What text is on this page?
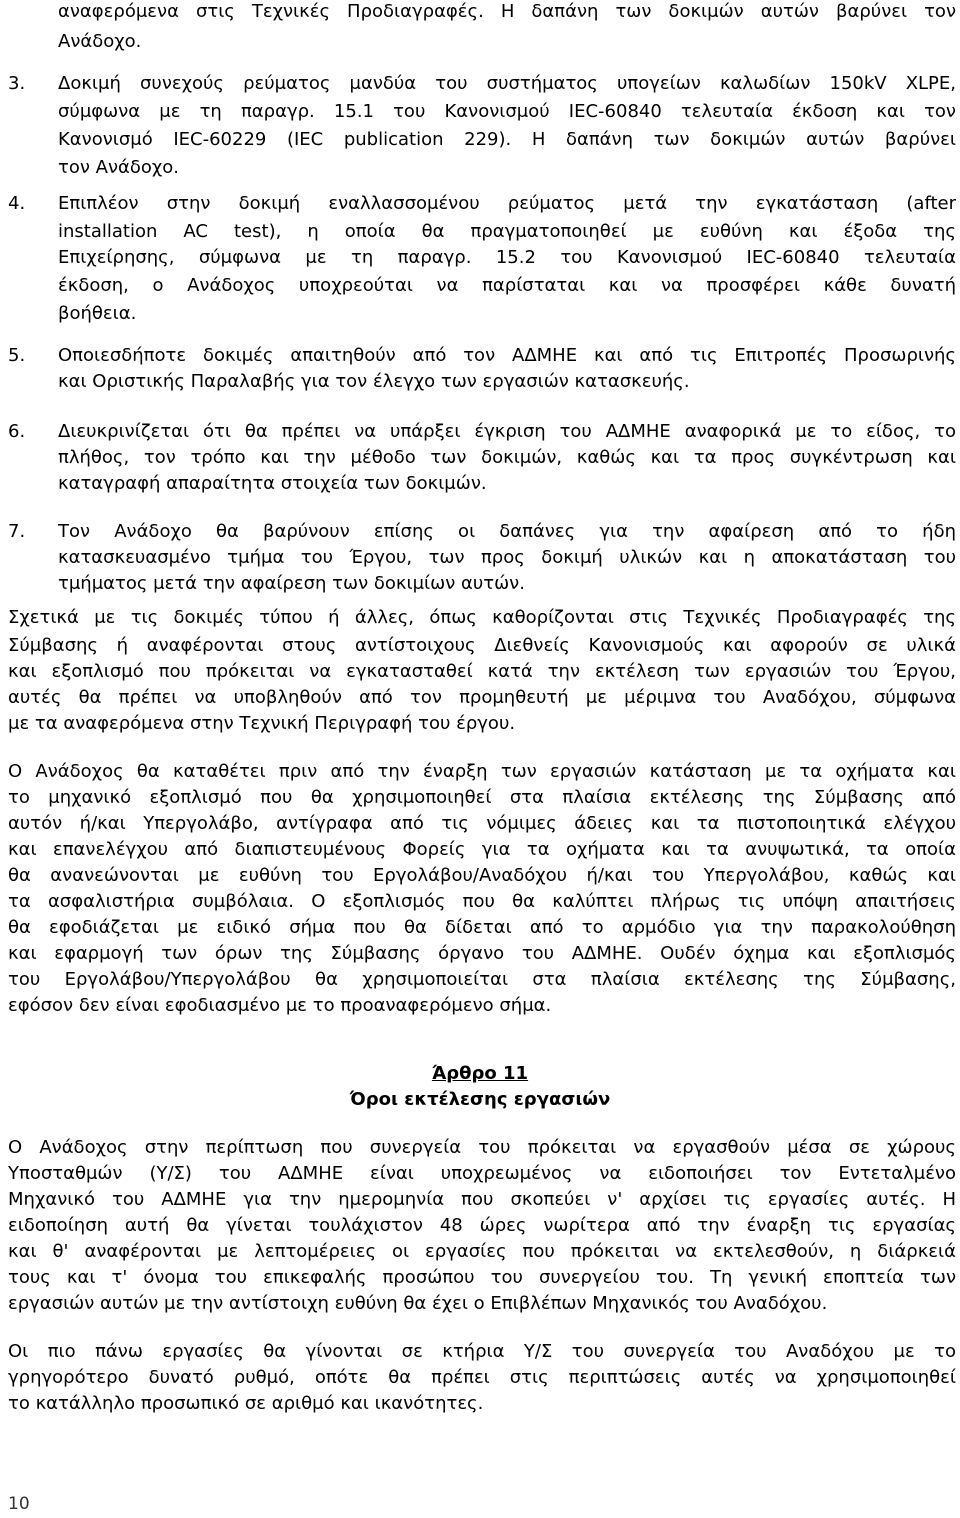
αναφερόμενα στις Τεχνικές Προδιαγραφές. Η δαπάνη των δοκιμών αυτών βαρύνει τον
Ανάδοχο.
3. Δοκιμή συνεχούς ρεύματος μανδύα του συστήματος υπογείων καλωδίων 150kV XLPE,
σύμφωνα με τη παραγρ. 15.1 του Κανονισμού IEC-60840 τελευταία έκδοση και τον
Κανονισμό IEC-60229 (IEC publication 229). Η δαπάνη των δοκιμών αυτών βαρύνει
τον Ανάδοχο.
4. Επιπλέον στην δοκιμή εναλλασσομένου ρεύματος μετά την εγκατάσταση (after
installation AC test), η οποία θα πραγματοποιηθεί με ευθύνη και έξοδα της
Επιχείρησης, σύμφωνα με τη παραγρ. 15.2 του Κανονισμού IEC-60840 τελευταία
έκδοση, ο Ανάδοχος υποχρεούται να παρίσταται και να προσφέρει κάθε δυνατή
βοήθεια.
5. Οποιεσδήποτε δοκιμές απαιτηθούν από τον ΑΔΜΗΕ και από τις Επιτροπές Προσωρινής
και Οριστικής Παραλαβής για τον έλεγχο των εργασιών κατασκευής.
6. Διευκρινίζεται ότι θα πρέπει να υπάρξει έγκριση του ΑΔΜΗΕ αναφορικά με το είδος, το
πλήθος, τον τρόπο και την μέθοδο των δοκιμών, καθώς και τα προς συγκέντρωση και
καταγραφή απαραίτητα στοιχεία των δοκιμών.
7. Τον Ανάδοχο θα βαρύνουν επίσης οι δαπάνες για την αφαίρεση από το ήδη
κατασκευασμένο τμήμα του Έργου, των προς δοκιμή υλικών και η αποκατάσταση του
τμήματος μετά την αφαίρεση των δοκιμίων αυτών.
Σχετικά με τις δοκιμές τύπου ή άλλες, όπως καθορίζονται στις Τεχνικές Προδιαγραφές της
Σύμβασης ή αναφέρονται στους αντίστοιχους Διεθνείς Κανονισμούς και αφορούν σε υλικά
και εξοπλισμό που πρόκειται να εγκατασταθεί κατά την εκτέλεση των εργασιών του Έργου,
αυτές θα πρέπει να υποβληθούν από τον προμηθευτή με μέριμνα του Αναδόχου, σύμφωνα
με τα αναφερόμενα στην Τεχνική Περιγραφή του έργου.
Ο Ανάδοχος θα καταθέτει πριν από την έναρξη των εργασιών κατάσταση με τα οχήματα και
το μηχανικό εξοπλισμό που θα χρησιμοποιηθεί στα πλαίσια εκτέλεσης της Σύμβασης από
αυτόν ή/και Υπεργολάβο, αντίγραφα από τις νόμιμες άδειες και τα πιστοποιητικά ελέγχου
και επανελέγχου από διαπιστευμένους Φορείς για τα οχήματα και τα ανυψωτικά, τα οποία
θα ανανεώνονται με ευθύνη του Εργολάβου/Αναδόχου ή/και του Υπεργολάβου, καθώς και
τα ασφαλιστήρια συμβόλαια. Ο εξοπλισμός που θα καλύπτει πλήρως τις υπόψη απαιτήσεις
θα εφοδιάζεται με ειδικό σήμα που θα δίδεται από το αρμόδιο για την παρακολούθηση
και εφαρμογή των όρων της Σύμβασης όργανο του ΑΔΜΗΕ. Ουδέν όχημα και εξοπλισμός
του Εργολάβου/Υπεργολάβου θα χρησιμοποιείται στα πλαίσια εκτέλεσης της Σύμβασης,
εφόσον δεν είναι εφοδιασμένο με το προαναφερόμενο σήμα.
Άρθρο 11
Όροι εκτέλεσης εργασιών
Ο Ανάδοχος στην περίπτωση που συνεργεία του πρόκειται να εργασθούν μέσα σε χώρους
Υποσταθμών (Υ/Σ) του ΑΔΜΗΕ είναι υποχρεωμένος να ειδοποιήσει τον Εντεταλμένο
Μηχανικό του ΑΔΜΗΕ για την ημερομηνία που σκοπεύει ν' αρχίσει τις εργασίες αυτές. Η
ειδοποίηση αυτή θα γίνεται τουλάχιστον 48 ώρες νωρίτερα από την έναρξη τις εργασίας
και θ' αναφέρονται με λεπτομέρειες οι εργασίες που πρόκειται να εκτελεσθούν, η διάρκειά
τους και τ' όνομα του επικεφαλής προσώπου του συνεργείου του. Τη γενική εποπτεία των
εργασιών αυτών με την αντίστοιχη ευθύνη θα έχει ο Επιβλέπων Μηχανικός του Αναδόχου.
Οι πιο πάνω εργασίες θα γίνονται σε κτήρια Υ/Σ του συνεργεία του Αναδόχου με το
γρηγορότερο δυνατό ρυθμό, οπότε θα πρέπει στις περιπτώσεις αυτές να χρησιμοποιηθεί
το κατάλληλο προσωπικό σε αριθμό και ικανότητες.
10
